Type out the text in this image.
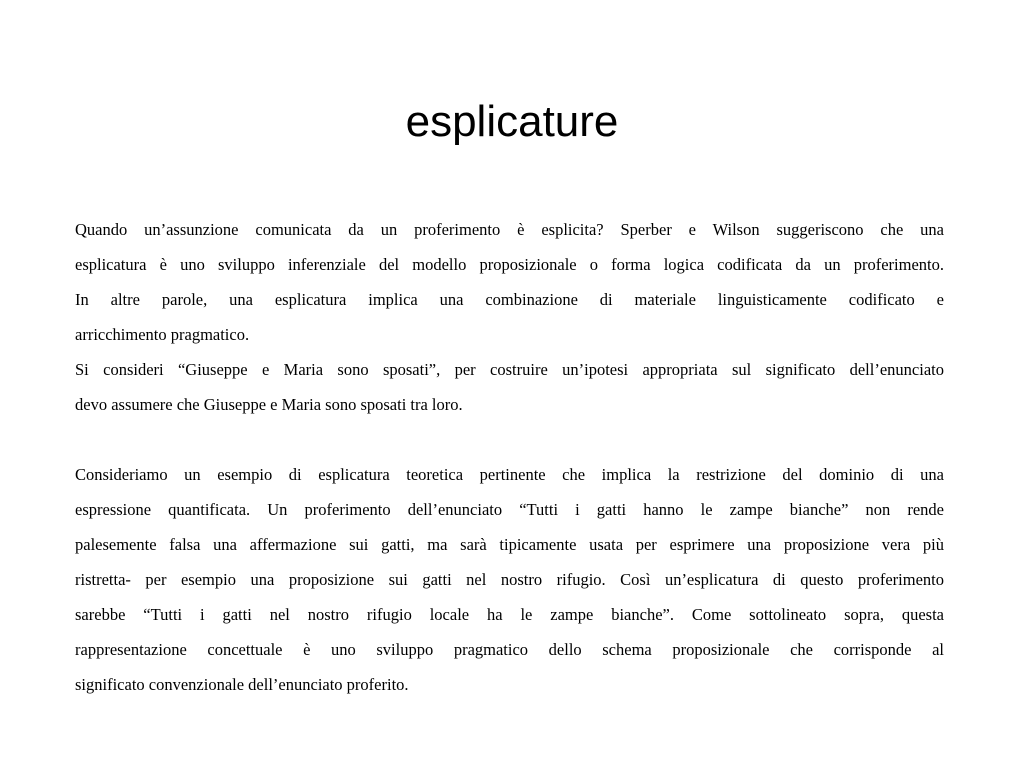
esplicature
Quando un’assunzione comunicata da un proferimento è esplicita? Sperber e Wilson suggeriscono che una
esplicatura è uno sviluppo inferenziale del modello proposizionale o forma logica codificata da un proferimento.
In altre parole, una esplicatura implica una combinazione di materiale linguisticamente codificato e
arricchimento pragmatico.
Si consideri “Giuseppe e Maria sono sposati”, per costruire un’ipotesi appropriata sul significato dell’enunciato
devo assumere che Giuseppe e Maria sono sposati tra loro.
Consideriamo un esempio di esplicatura teoretica pertinente che implica la restrizione del dominio di una
espressione quantificata. Un proferimento dell’enunciato “Tutti i gatti hanno le zampe bianche” non rende
palesemente falsa una affermazione sui gatti, ma sarà tipicamente usata per esprimere una proposizione vera più
ristretta- per esempio una proposizione sui gatti nel nostro rifugio. Così un’esplicatura di questo proferimento
sarebbe “Tutti i gatti nel nostro rifugio locale ha le zampe bianche”. Come sottolineato sopra, questa
rappresentazione concettuale è uno sviluppo pragmatico dello schema proposizionale che corrisponde al
significato convenzionale dell’enunciato proferito.
